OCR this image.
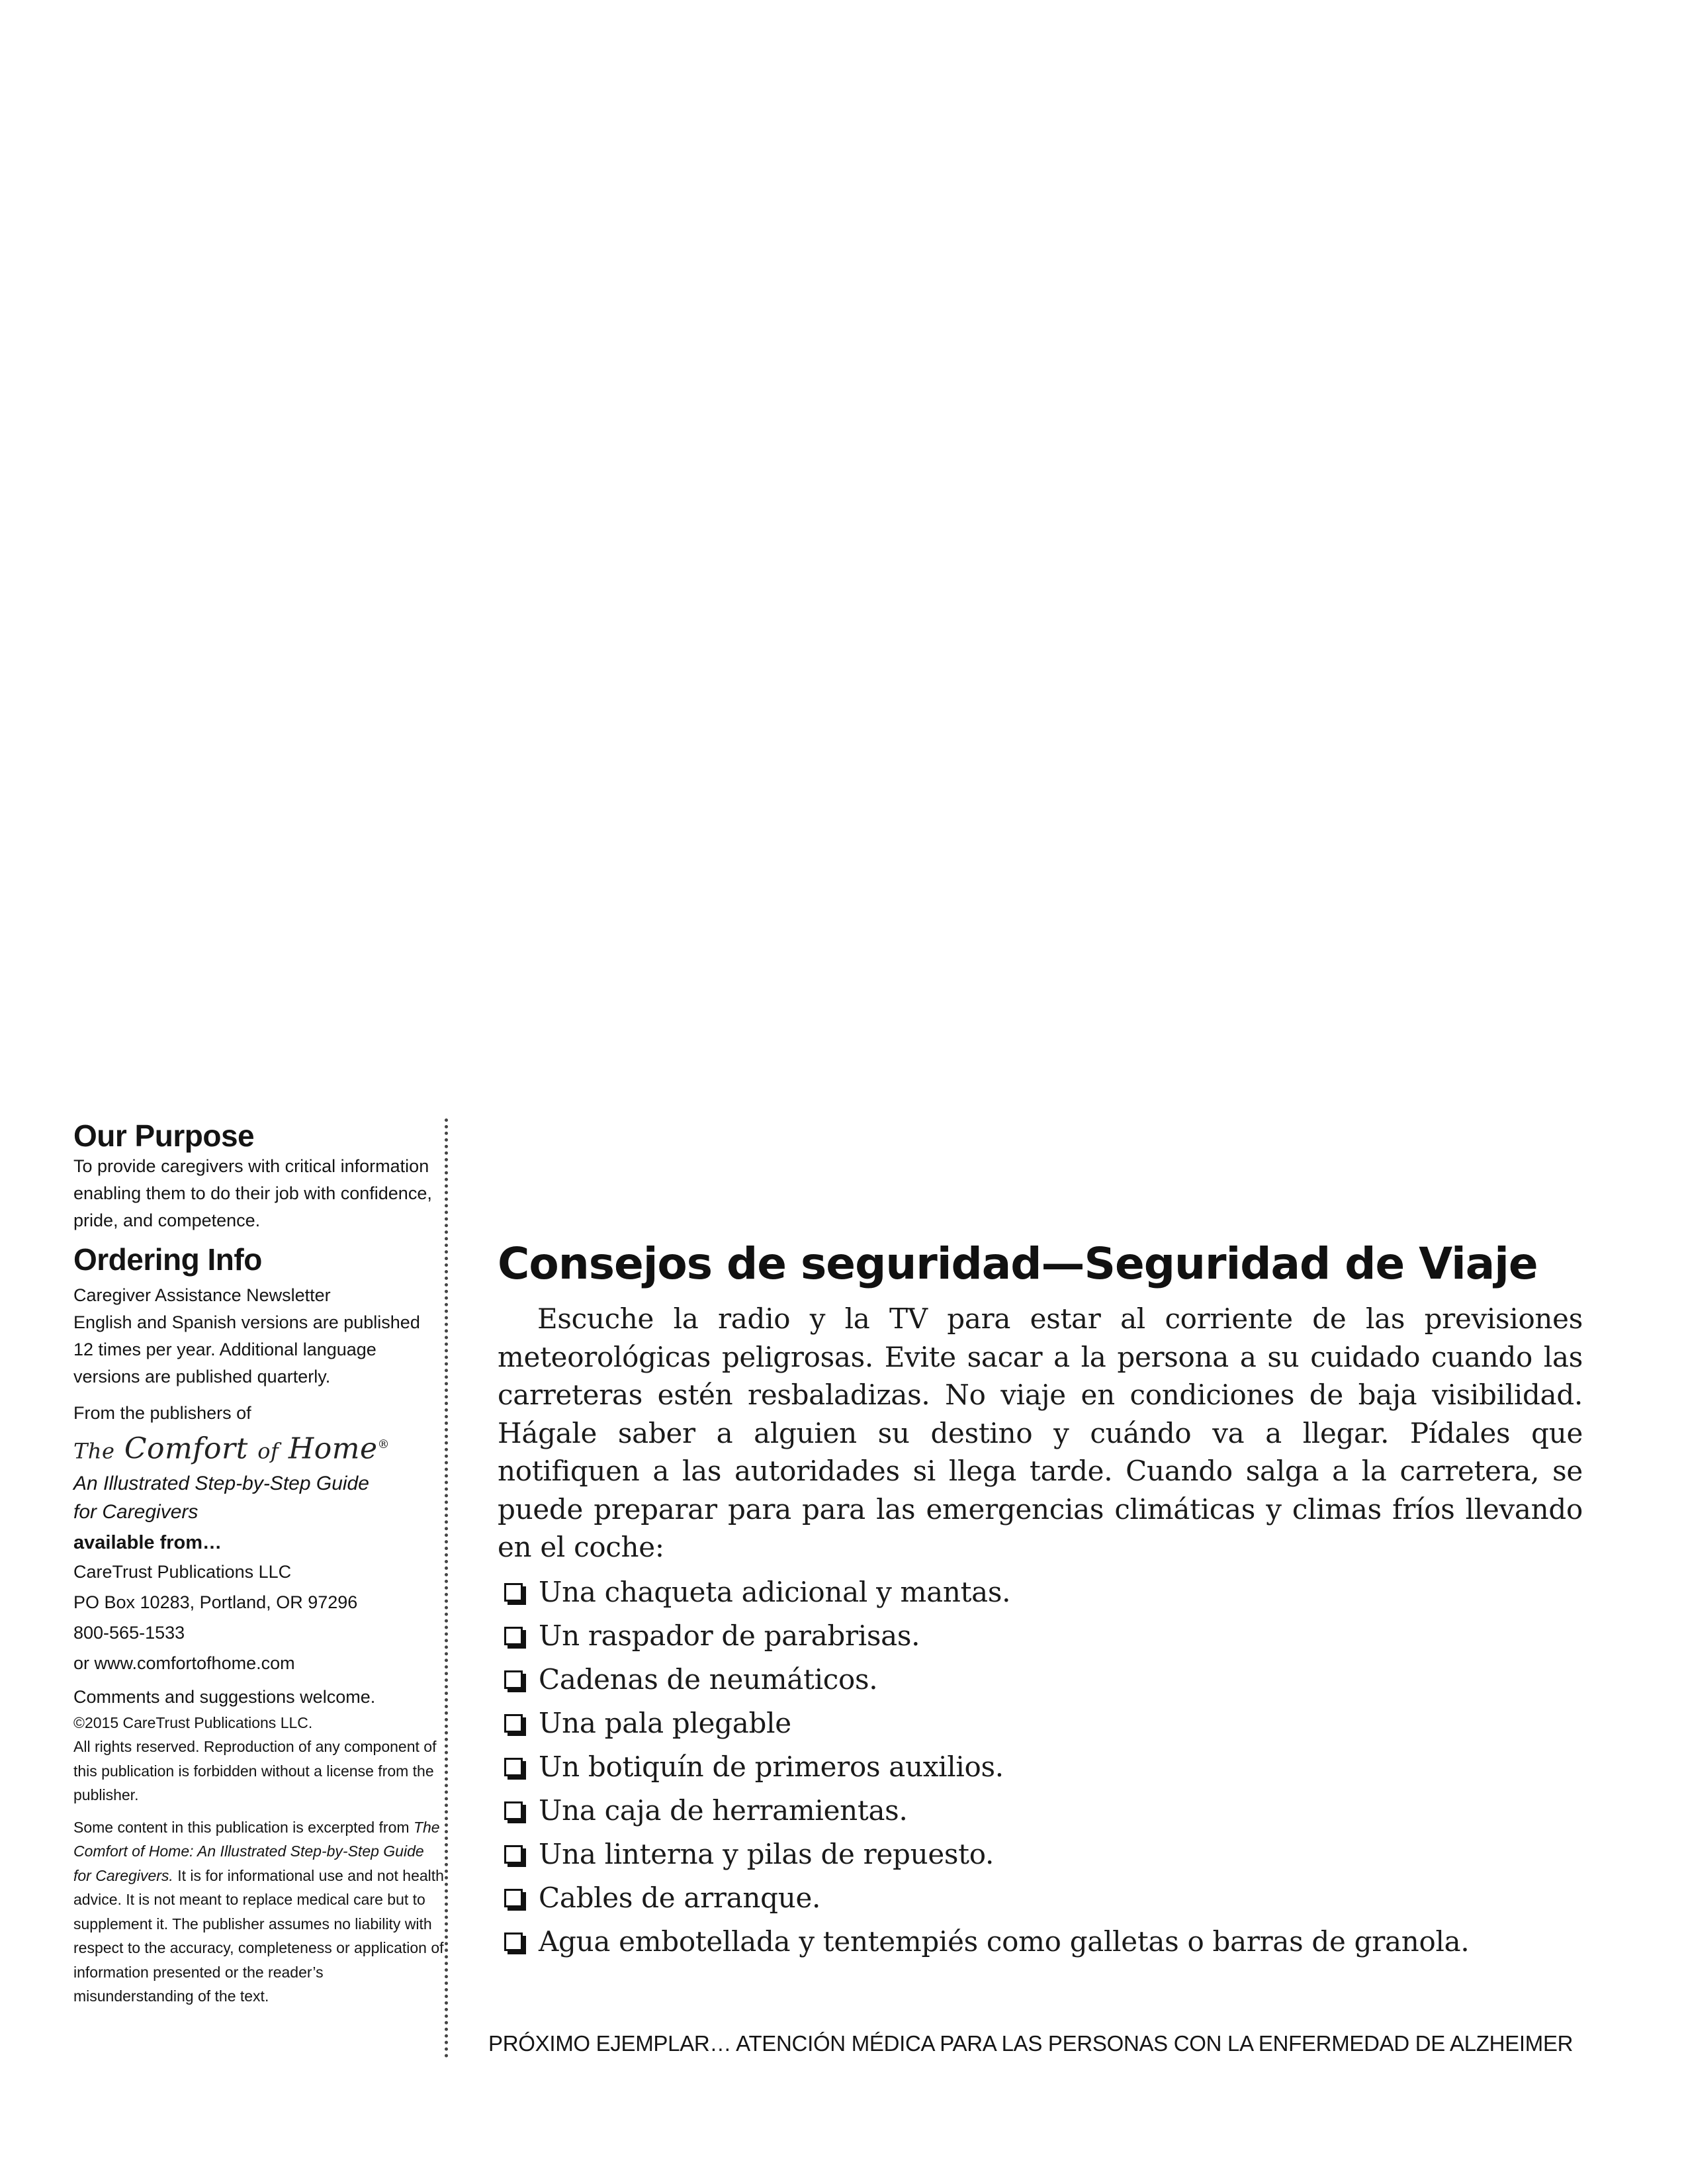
Our Purpose

To provide caregivers with critical information enabling them to do their job with confidence, pride, and competence.

Ordering Info

Caregiver Assistance Newsletter

English and Spanish versions are published 12 times per year. Additional language versions are published quarterly.

From the publishers of

The Comfort of Home®

An Illustrated Step-by-Step Guide

for Caregivers

available from…

CareTrust Publications LLC

PO Box 10283, Portland, OR 97296

800-565-1533

or www.comfortofhome.com

Comments and suggestions welcome.

©2015 CareTrust Publications LLC.

All rights reserved. Reproduction of any component of this publication is forbidden without a license from the publisher.

Some content in this publication is excerpted from The Comfort of Home: An Illustrated Step-by-Step Guide for Caregivers. It is for informational use and not health advice. It is not meant to replace medical care but to supplement it. The publisher assumes no liability with respect to the accuracy, completeness or application of information presented or the reader’s misunderstanding of the text.

Consejos de seguridad—Seguridad de Viaje

Escuche la radio y la TV para estar al corriente de las previsiones meteorológicas peligrosas. Evite sacar a la persona a su cuidado cuando las carreteras estén resbaladizas. No viaje en condiciones de baja visibilidad. Hágale saber a alguien su destino y cuándo va a llegar. Pídales que notifiquen a las autoridades si llega tarde. Cuando salga a la carretera, se puede preparar para para las emergencias climáticas y climas fríos llevando en el coche:

Una chaqueta adicional y mantas.
Un raspador de parabrisas.
Cadenas de neumáticos.
Una pala plegable
Un botiquín de primeros auxilios.
Una caja de herramientas.
Una linterna y pilas de repuesto.
Cables de arranque.
Agua embotellada y tentempiés como galletas o barras de granola.

PRÓXIMO EJEMPLAR… ATENCIÓN MÉDICA PARA LAS PERSONAS CON LA ENFERMEDAD DE ALZHEIMER
